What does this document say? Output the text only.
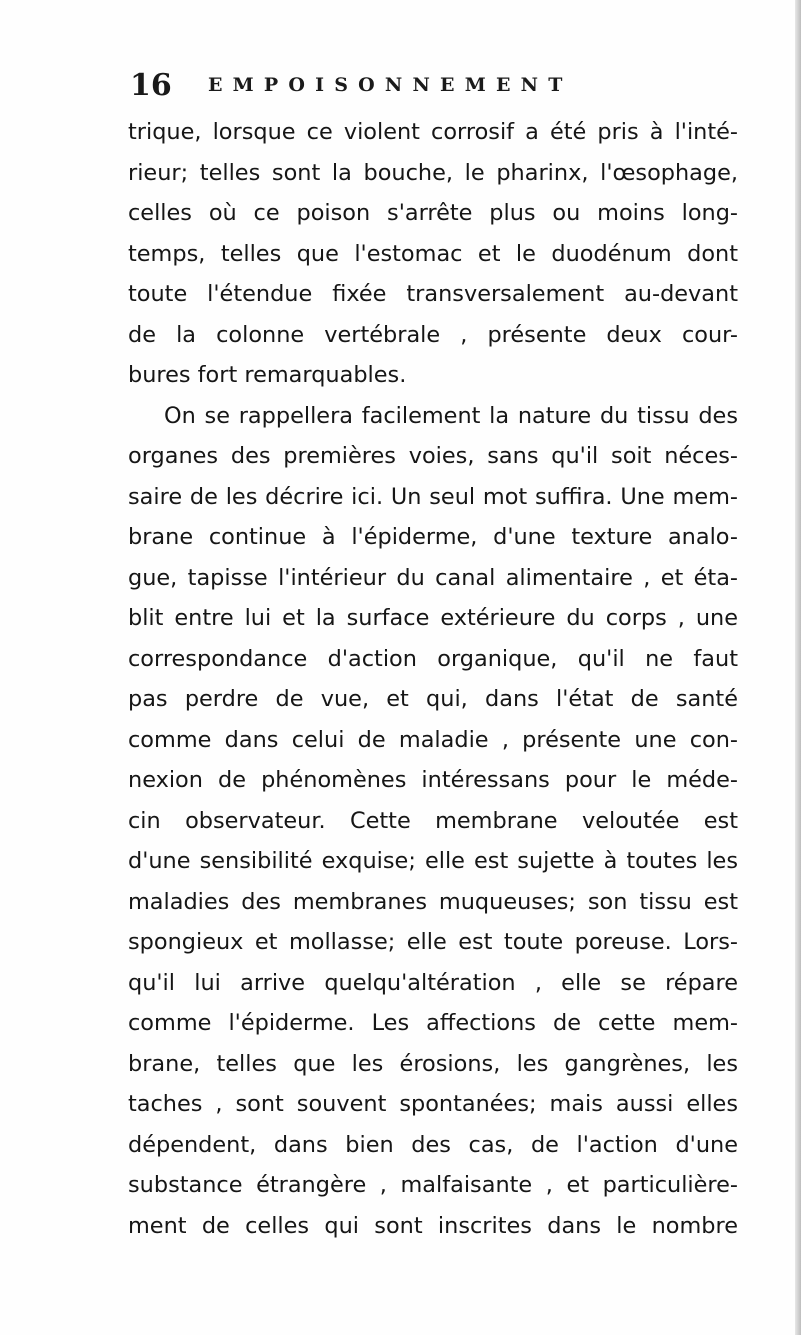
16 EMPOISONNEMENT
trique, lorsque ce violent corrosif a été pris à l'inté-
rieur; telles sont la bouche, le pharinx, l'œsophage,
celles où ce poison s'arrête plus ou moins long-
temps, telles que l'estomac et le duodénum dont
toute l'étendue fixée transversalement au-devant
de la colonne vertébrale , présente deux cour-
bures fort remarquables.
On se rappellera facilement la nature du tissu des
organes des premières voies, sans qu'il soit néces-
saire de les décrire ici. Un seul mot suffira. Une mem-
brane continue à l'épiderme, d'une texture analo-
gue, tapisse l'intérieur du canal alimentaire , et éta-
blit entre lui et la surface extérieure du corps , une
correspondance d'action organique, qu'il ne faut
pas perdre de vue, et qui, dans l'état de santé
comme dans celui de maladie , présente une con-
nexion de phénomènes intéressans pour le méde-
cin observateur. Cette membrane veloutée est
d'une sensibilité exquise; elle est sujette à toutes les
maladies des membranes muqueuses; son tissu est
spongieux et mollasse; elle est toute poreuse. Lors-
qu'il lui arrive quelqu'altération , elle se répare
comme l'épiderme. Les affections de cette mem-
brane, telles que les érosions, les gangrènes, les
taches , sont souvent spontanées; mais aussi elles
dépendent, dans bien des cas, de l'action d'une
substance étrangère , malfaisante , et particulière-
ment de celles qui sont inscrites dans le nombre
